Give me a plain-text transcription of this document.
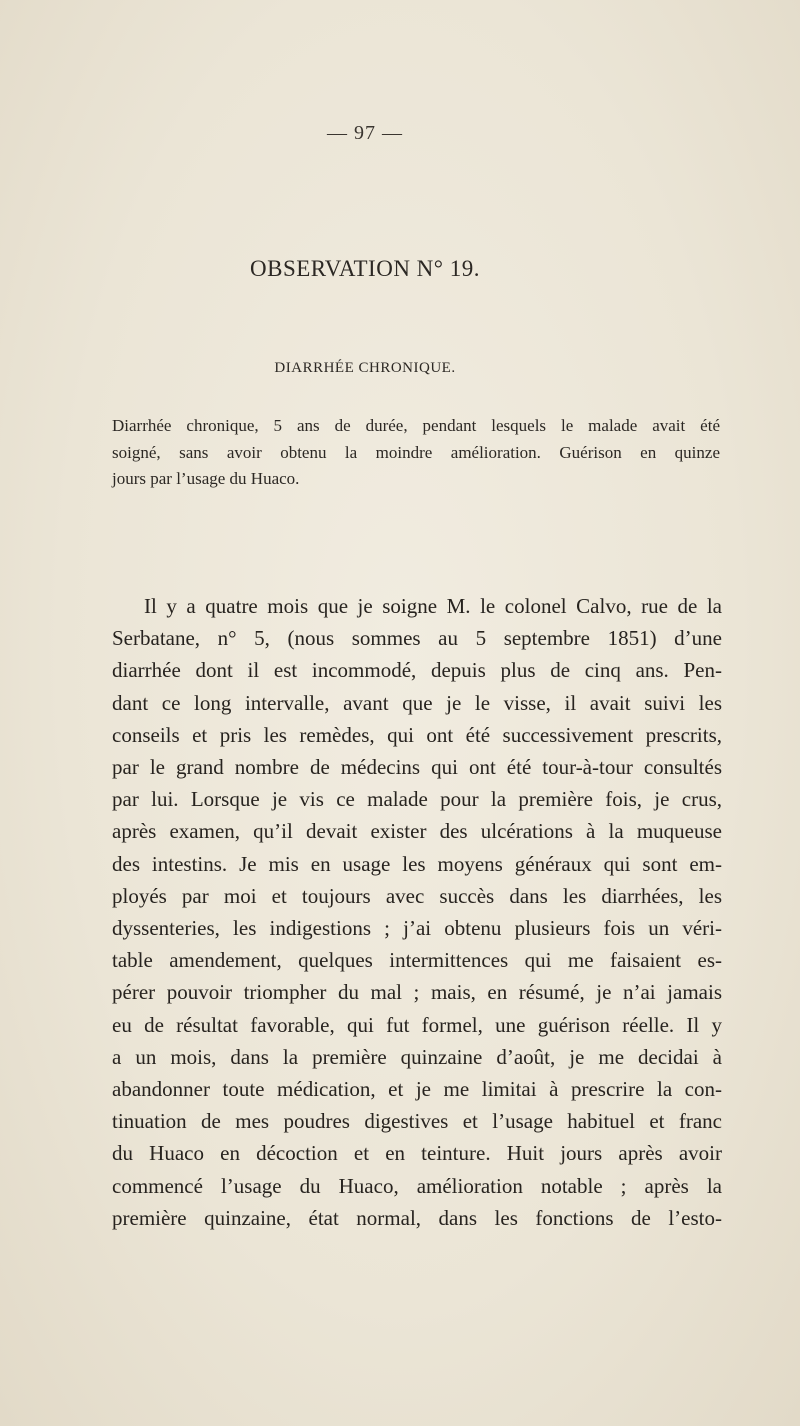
— 97 —
OBSERVATION N° 19.
DIARRHÉE CHRONIQUE.
Diarrhée chronique, 5 ans de durée, pendant lesquels le malade avait été
soigné, sans avoir obtenu la moindre amélioration. Guérison en quinze
jours par l’usage du Huaco.
Il y a quatre mois que je soigne M. le colonel Calvo, rue de la
Serbatane, n° 5, (nous sommes au 5 septembre 1851) d’une
diarrhée dont il est incommodé, depuis plus de cinq ans. Pen-
dant ce long intervalle, avant que je le visse, il avait suivi les
conseils et pris les remèdes, qui ont été successivement prescrits,
par le grand nombre de médecins qui ont été tour-à-tour consultés
par lui. Lorsque je vis ce malade pour la première fois, je crus,
après examen, qu’il devait exister des ulcérations à la muqueuse
des intestins. Je mis en usage les moyens généraux qui sont em-
ployés par moi et toujours avec succès dans les diarrhées, les
dyssenteries, les indigestions ; j’ai obtenu plusieurs fois un véri-
table amendement, quelques intermittences qui me faisaient es-
pérer pouvoir triompher du mal ; mais, en résumé, je n’ai jamais
eu de résultat favorable, qui fut formel, une guérison réelle. Il y
a un mois, dans la première quinzaine d’août, je me decidai à
abandonner toute médication, et je me limitai à prescrire la con-
tinuation de mes poudres digestives et l’usage habituel et franc
du Huaco en décoction et en teinture. Huit jours après avoir
commencé l’usage du Huaco, amélioration notable ; après la
première quinzaine, état normal, dans les fonctions de l’esto-
